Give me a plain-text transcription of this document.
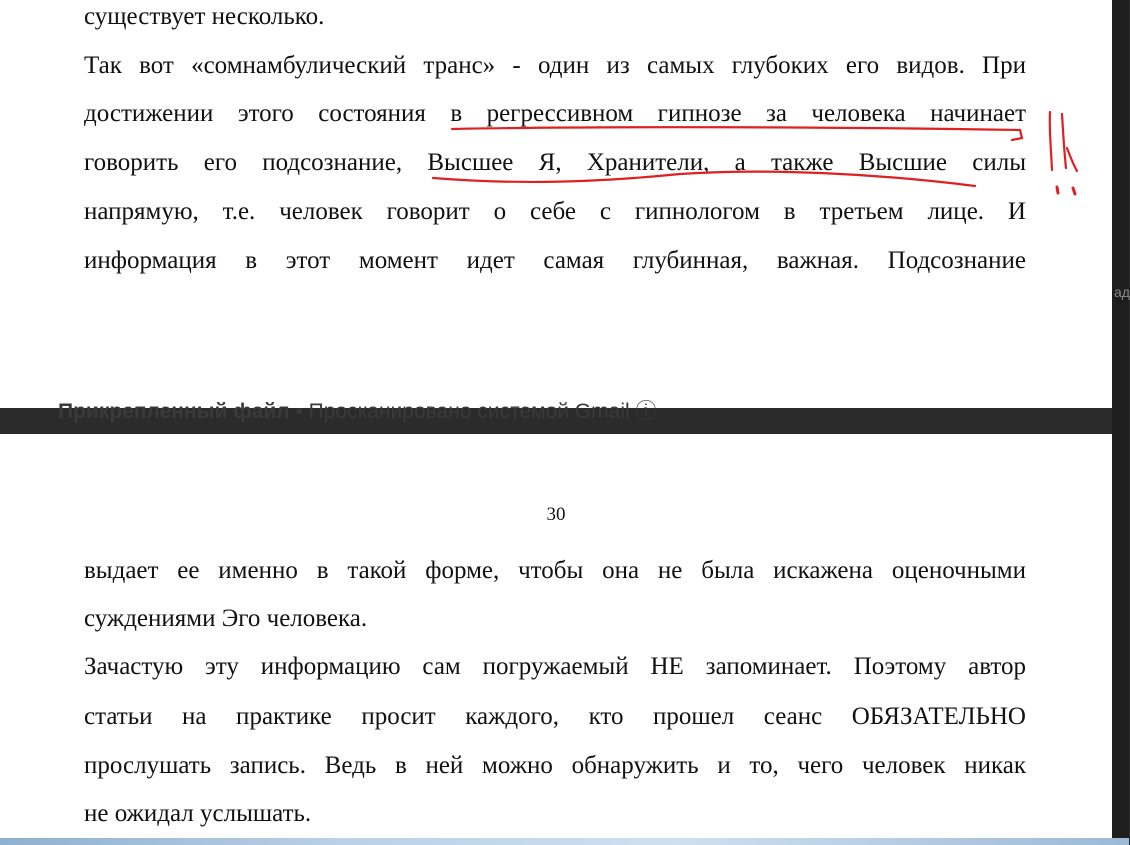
ад
существует несколько.
Так вот «сомнамбулический транс» - один из самых глубоких его видов. При
достижении этого состояния в регрессивном гипнозе за человека начинает
говорить его подсознание, Высшее Я, Хранители, а также Высшие силы
напрямую, т.е. человек говорит о себе с гипнологом в третьем лице. И
информация в этот момент идет самая глубинная, важная. Подсознание
Прикрепленный файл • Просканировано системой Gmail ⓘ
30
выдает ее именно в такой форме, чтобы она не была искажена оценочными
суждениями Эго человека.
Зачастую эту информацию сам погружаемый НЕ запоминает. Поэтому автор
статьи на практике просит каждого, кто прошел сеанс ОБЯЗАТЕЛЬНО
прослушать запись. Ведь в ней можно обнаружить и то, чего человек никак
не ожидал услышать.
